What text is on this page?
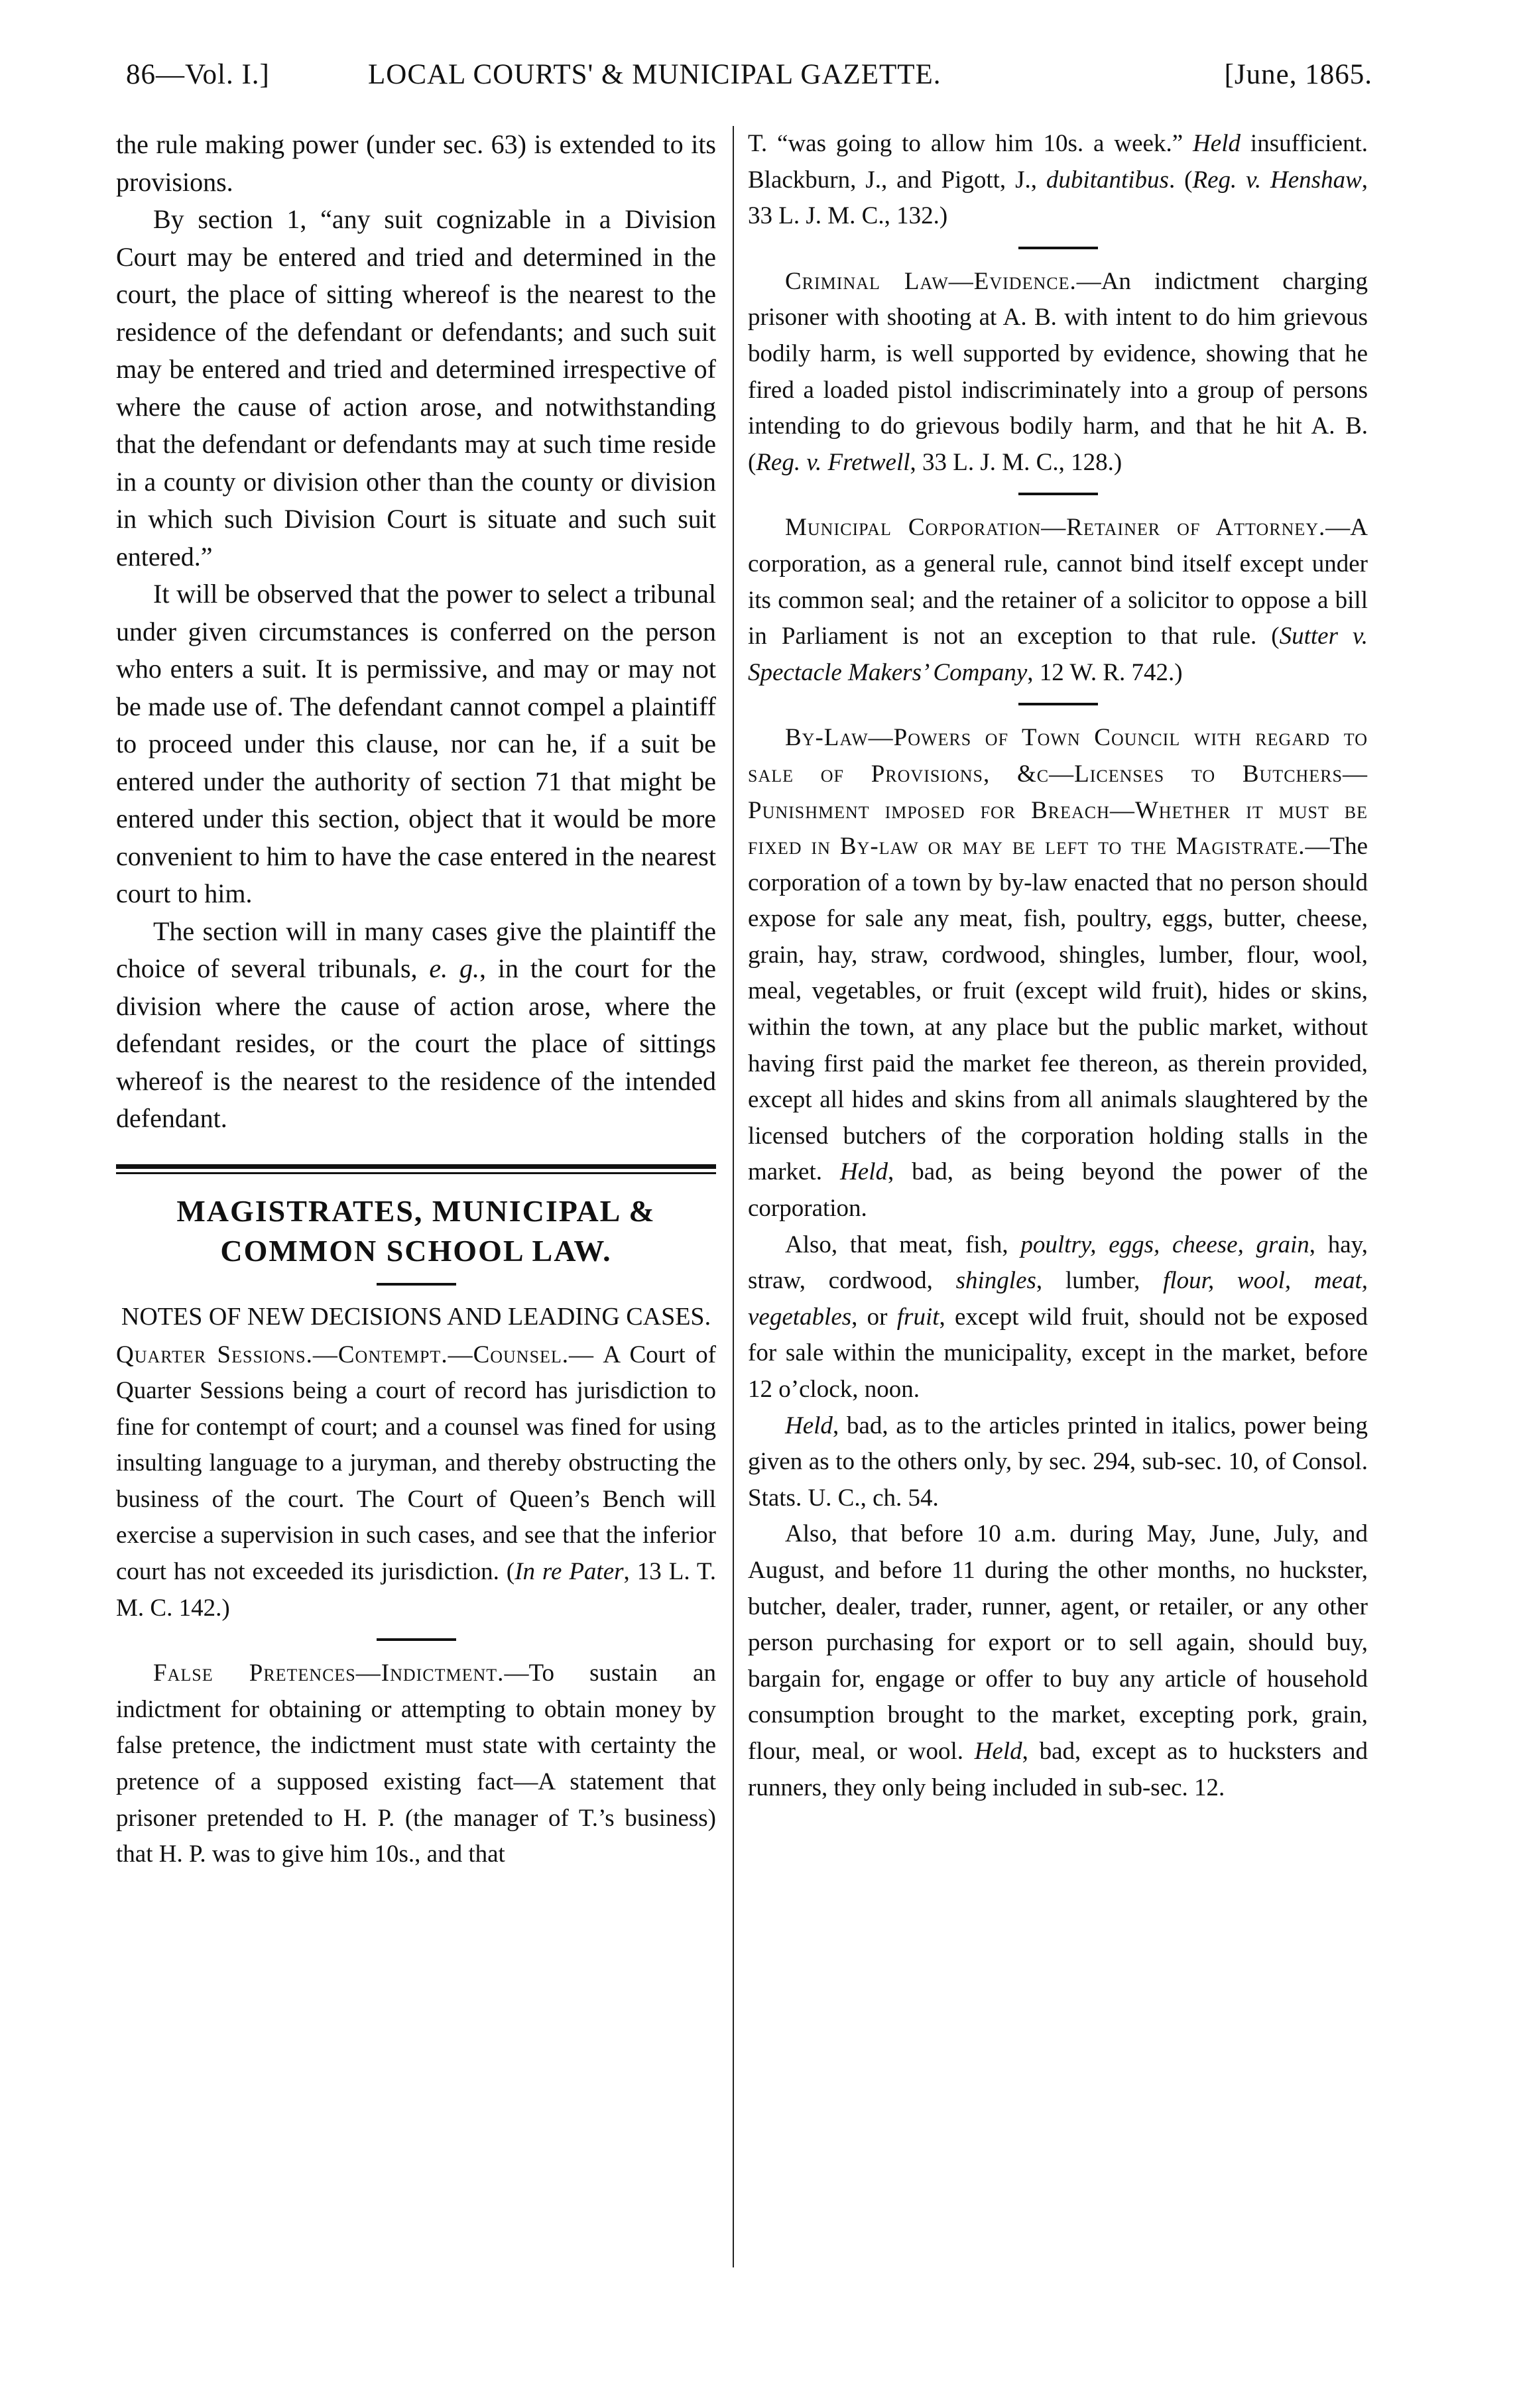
86—Vol. I.]	LOCAL COURTS' & MUNICIPAL GAZETTE.	[June, 1865.

the rule making power (under sec. 63) is extended to its provisions.

By section 1, “any suit cognizable in a Division Court may be entered and tried and determined in the court, the place of sitting whereof is the nearest to the residence of the defendant or defendants; and such suit may be entered and tried and determined irrespective of where the cause of action arose, and notwithstanding that the defendant or defendants may at such time reside in a county or division other than the county or division in which such Division Court is situate and such suit entered.”

It will be observed that the power to select a tribunal under given circumstances is conferred on the person who enters a suit. It is permissive, and may or may not be made use of. The defendant cannot compel a plaintiff to proceed under this clause, nor can he, if a suit be entered under the authority of section 71 that might be entered under this section, object that it would be more convenient to him to have the case entered in the nearest court to him.

The section will in many cases give the plaintiff the choice of several tribunals, e. g., in the court for the division where the cause of action arose, where the defendant resides, or the court the place of sittings whereof is the nearest to the residence of the intended defendant.

MAGISTRATES, MUNICIPAL &
COMMON SCHOOL LAW.
NOTES OF NEW DECISIONS AND LEADING CASES.

Quarter Sessions.—Contempt.—Counsel.— A Court of Quarter Sessions being a court of record has jurisdiction to fine for contempt of court; and a counsel was fined for using insulting language to a juryman, and thereby obstructing the business of the court. The Court of Queen’s Bench will exercise a supervision in such cases, and see that the inferior court has not exceeded its jurisdiction. (In re Pater, 13 L. T. M. C. 142.)

False Pretences—Indictment.—To sustain an indictment for obtaining or attempting to obtain money by false pretence, the indictment must state with certainty the pretence of a supposed existing fact—A statement that prisoner pretended to H. P. (the manager of T.’s business) that H. P. was to give him 10s., and that

T. “was going to allow him 10s. a week.” Held insufficient. Blackburn, J., and Pigott, J., dubitantibus. (Reg. v. Henshaw, 33 L. J. M. C., 132.)

Criminal Law—Evidence.—An indictment charging prisoner with shooting at A. B. with intent to do him grievous bodily harm, is well supported by evidence, showing that he fired a loaded pistol indiscriminately into a group of persons intending to do grievous bodily harm, and that he hit A. B. (Reg. v. Fretwell, 33 L. J. M. C., 128.)

Municipal Corporation—Retainer of Attorney.—A corporation, as a general rule, cannot bind itself except under its common seal; and the retainer of a solicitor to oppose a bill in Parliament is not an exception to that rule. (Sutter v. Spectacle Makers’ Company, 12 W. R. 742.)

By-Law—Powers of Town Council with regard to sale of Provisions, &c—Licenses to Butchers—Punishment imposed for Breach—Whether it must be fixed in By-law or may be left to the Magistrate.—The corporation of a town by by-law enacted that no person should expose for sale any meat, fish, poultry, eggs, butter, cheese, grain, hay, straw, cordwood, shingles, lumber, flour, wool, meal, vegetables, or fruit (except wild fruit), hides or skins, within the town, at any place but the public market, without having first paid the market fee thereon, as therein provided, except all hides and skins from all animals slaughtered by the licensed butchers of the corporation holding stalls in the market. Held, bad, as being beyond the power of the corporation.

Also, that meat, fish, poultry, eggs, cheese, grain, hay, straw, cordwood, shingles, lumber, flour, wool, meat, vegetables, or fruit, except wild fruit, should not be exposed for sale within the municipality, except in the market, before 12 o’clock, noon.

Held, bad, as to the articles printed in italics, power being given as to the others only, by sec. 294, sub-sec. 10, of Consol. Stats. U. C., ch. 54.

Also, that before 10 a.m. during May, June, July, and August, and before 11 during the other months, no huckster, butcher, dealer, trader, runner, agent, or retailer, or any other person purchasing for export or to sell again, should buy, bargain for, engage or offer to buy any article of household consumption brought to the market, excepting pork, grain, flour, meal, or wool. Held, bad, except as to hucksters and runners, they only being included in sub-sec. 12.
